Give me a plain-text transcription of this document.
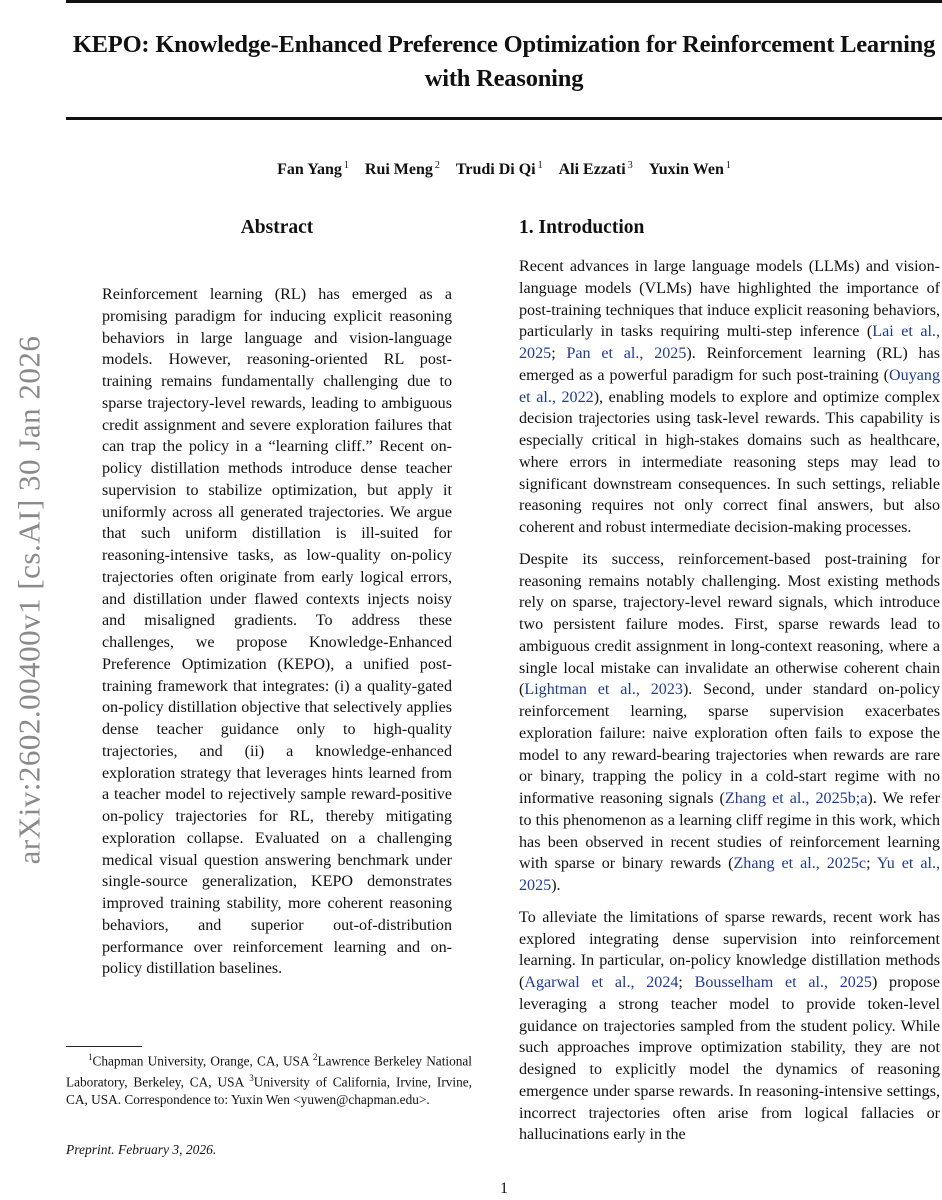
KEPO: Knowledge-Enhanced Preference Optimization for Reinforcement Learning with Reasoning
Fan Yang $^1$ Rui Meng $^2$ Trudi Di Qi $^1$ Ali Ezzati $^3$ Yuxin Wen $^1$
arXiv:2602.00400v1 [cs.AI] 30 Jan 2026
Abstract
Reinforcement learning (RL) has emerged as a promising paradigm for inducing explicit reasoning behaviors in large language and vision-language models. However, reasoning-oriented RL post-training remains fundamentally challenging due to sparse trajectory-level rewards, leading to ambiguous credit assignment and severe exploration failures that can trap the policy in a “learning cliff.” Recent on-policy distillation methods introduce dense teacher supervision to stabilize optimization, but apply it uniformly across all generated trajectories. We argue that such uniform distillation is ill-suited for reasoning-intensive tasks, as low-quality on-policy trajectories often originate from early logical errors, and distillation under flawed contexts injects noisy and misaligned gradients. To address these challenges, we propose Knowledge-Enhanced Preference Optimization (KEPO), a unified post-training framework that integrates: (i) a quality-gated on-policy distillation objective that selectively applies dense teacher guidance only to high-quality trajectories, and (ii) a knowledge-enhanced exploration strategy that leverages hints learned from a teacher model to rejectively sample reward-positive on-policy trajectories for RL, thereby mitigating exploration collapse. Evaluated on a challenging medical visual question answering benchmark under single-source generalization, KEPO demonstrates improved training stability, more coherent reasoning behaviors, and superior out-of-distribution performance over reinforcement learning and on-policy distillation baselines.
$^1$Chapman University, Orange, CA, USA $^2$Lawrence Berkeley National Laboratory, Berkeley, CA, USA $^3$University of California, Irvine, Irvine, CA, USA. Correspondence to: Yuxin Wen <yuwen@chapman.edu>.
Preprint. February 3, 2026.
1. Introduction

Recent advances in large language models (LLMs) and vision-language models (VLMs) have highlighted the importance of post-training techniques that induce explicit reasoning behaviors, particularly in tasks requiring multi-step inference (Lai et al., 2025; Pan et al., 2025). Reinforcement learning (RL) has emerged as a powerful paradigm for such post-training (Ouyang et al., 2022), enabling models to explore and optimize complex decision trajectories using task-level rewards. This capability is especially critical in high-stakes domains such as healthcare, where errors in intermediate reasoning steps may lead to significant downstream consequences. In such settings, reliable reasoning requires not only correct final answers, but also coherent and robust intermediate decision-making processes.

Despite its success, reinforcement-based post-training for reasoning remains notably challenging. Most existing methods rely on sparse, trajectory-level reward signals, which introduce two persistent failure modes. First, sparse rewards lead to ambiguous credit assignment in long-context reasoning, where a single local mistake can invalidate an otherwise coherent chain (Lightman et al., 2023). Second, under standard on-policy reinforcement learning, sparse supervision exacerbates exploration failure: naive exploration often fails to expose the model to any reward-bearing trajectories when rewards are rare or binary, trapping the policy in a cold-start regime with no informative reasoning signals (Zhang et al., 2025b;a). We refer to this phenomenon as a learning cliff regime in this work, which has been observed in recent studies of reinforcement learning with sparse or binary rewards (Zhang et al., 2025c; Yu et al., 2025).

To alleviate the limitations of sparse rewards, recent work has explored integrating dense supervision into reinforcement learning. In particular, on-policy knowledge distillation methods (Agarwal et al., 2024; Bousselham et al., 2025) propose leveraging a strong teacher model to provide token-level guidance on trajectories sampled from the student policy. While such approaches improve optimization stability, they are not designed to explicitly model the dynamics of reasoning emergence under sparse rewards. In reasoning-intensive settings, incorrect trajectories often arise from logical fallacies or hallucinations early in the

1
